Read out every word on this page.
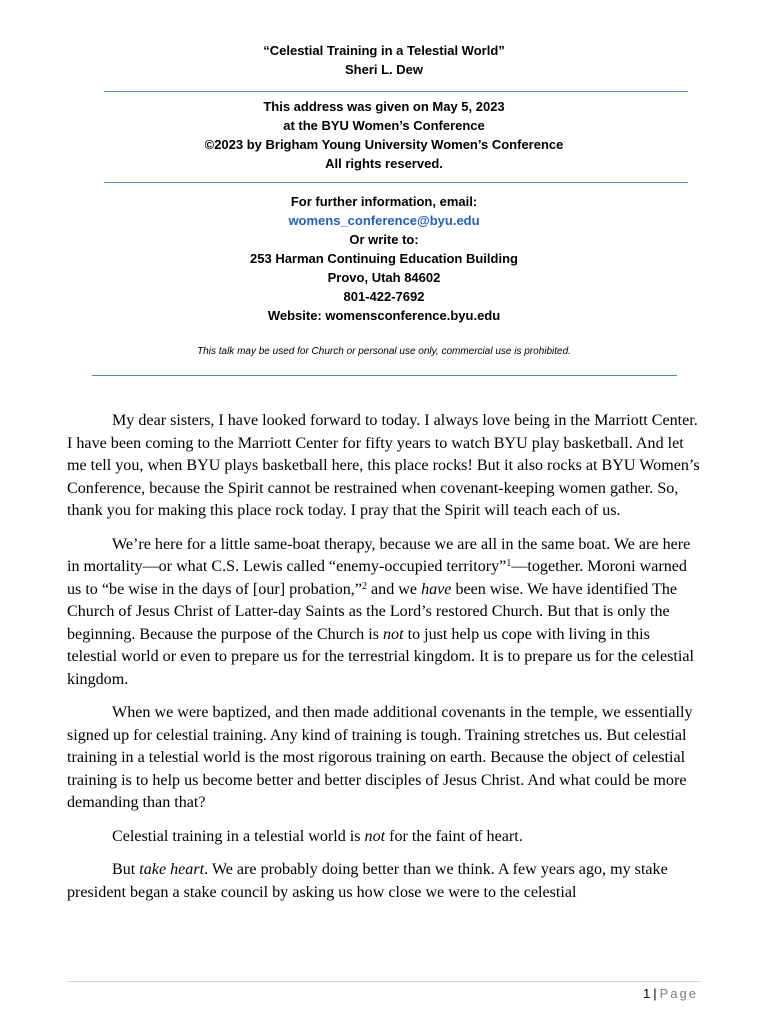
“Celestial Training in a Telestial World”
Sheri L. Dew
This address was given on May 5, 2023
at the BYU Women’s Conference
©2023 by Brigham Young University Women’s Conference
All rights reserved.
For further information, email:
womens_conference@byu.edu
Or write to:
253 Harman Continuing Education Building
Provo, Utah 84602
801-422-7692
Website: womensconference.byu.edu
This talk may be used for Church or personal use only, commercial use is prohibited.

My dear sisters, I have looked forward to today. I always love being in the Marriott Center. I have been coming to the Marriott Center for fifty years to watch BYU play basketball. And let me tell you, when BYU plays basketball here, this place rocks! But it also rocks at BYU Women’s Conference, because the Spirit cannot be restrained when covenant-keeping women gather. So, thank you for making this place rock today. I pray that the Spirit will teach each of us.

We’re here for a little same-boat therapy, because we are all in the same boat. We are here in mortality—or what C.S. Lewis called “enemy-occupied territory”$^1$—together. Moroni warned us to “be wise in the days of [our] probation,”$^2$ and we have been wise. We have identified The Church of Jesus Christ of Latter-day Saints as the Lord’s restored Church. But that is only the beginning. Because the purpose of the Church is not to just help us cope with living in this telestial world or even to prepare us for the terrestrial kingdom. It is to prepare us for the celestial kingdom.

When we were baptized, and then made additional covenants in the temple, we essentially signed up for celestial training. Any kind of training is tough. Training stretches us. But celestial training in a telestial world is the most rigorous training on earth. Because the object of celestial training is to help us become better and better disciples of Jesus Christ. And what could be more demanding than that?

Celestial training in a telestial world is not for the faint of heart.

But take heart. We are probably doing better than we think. A few years ago, my stake president began a stake council by asking us how close we were to the celestial

1 | Page
